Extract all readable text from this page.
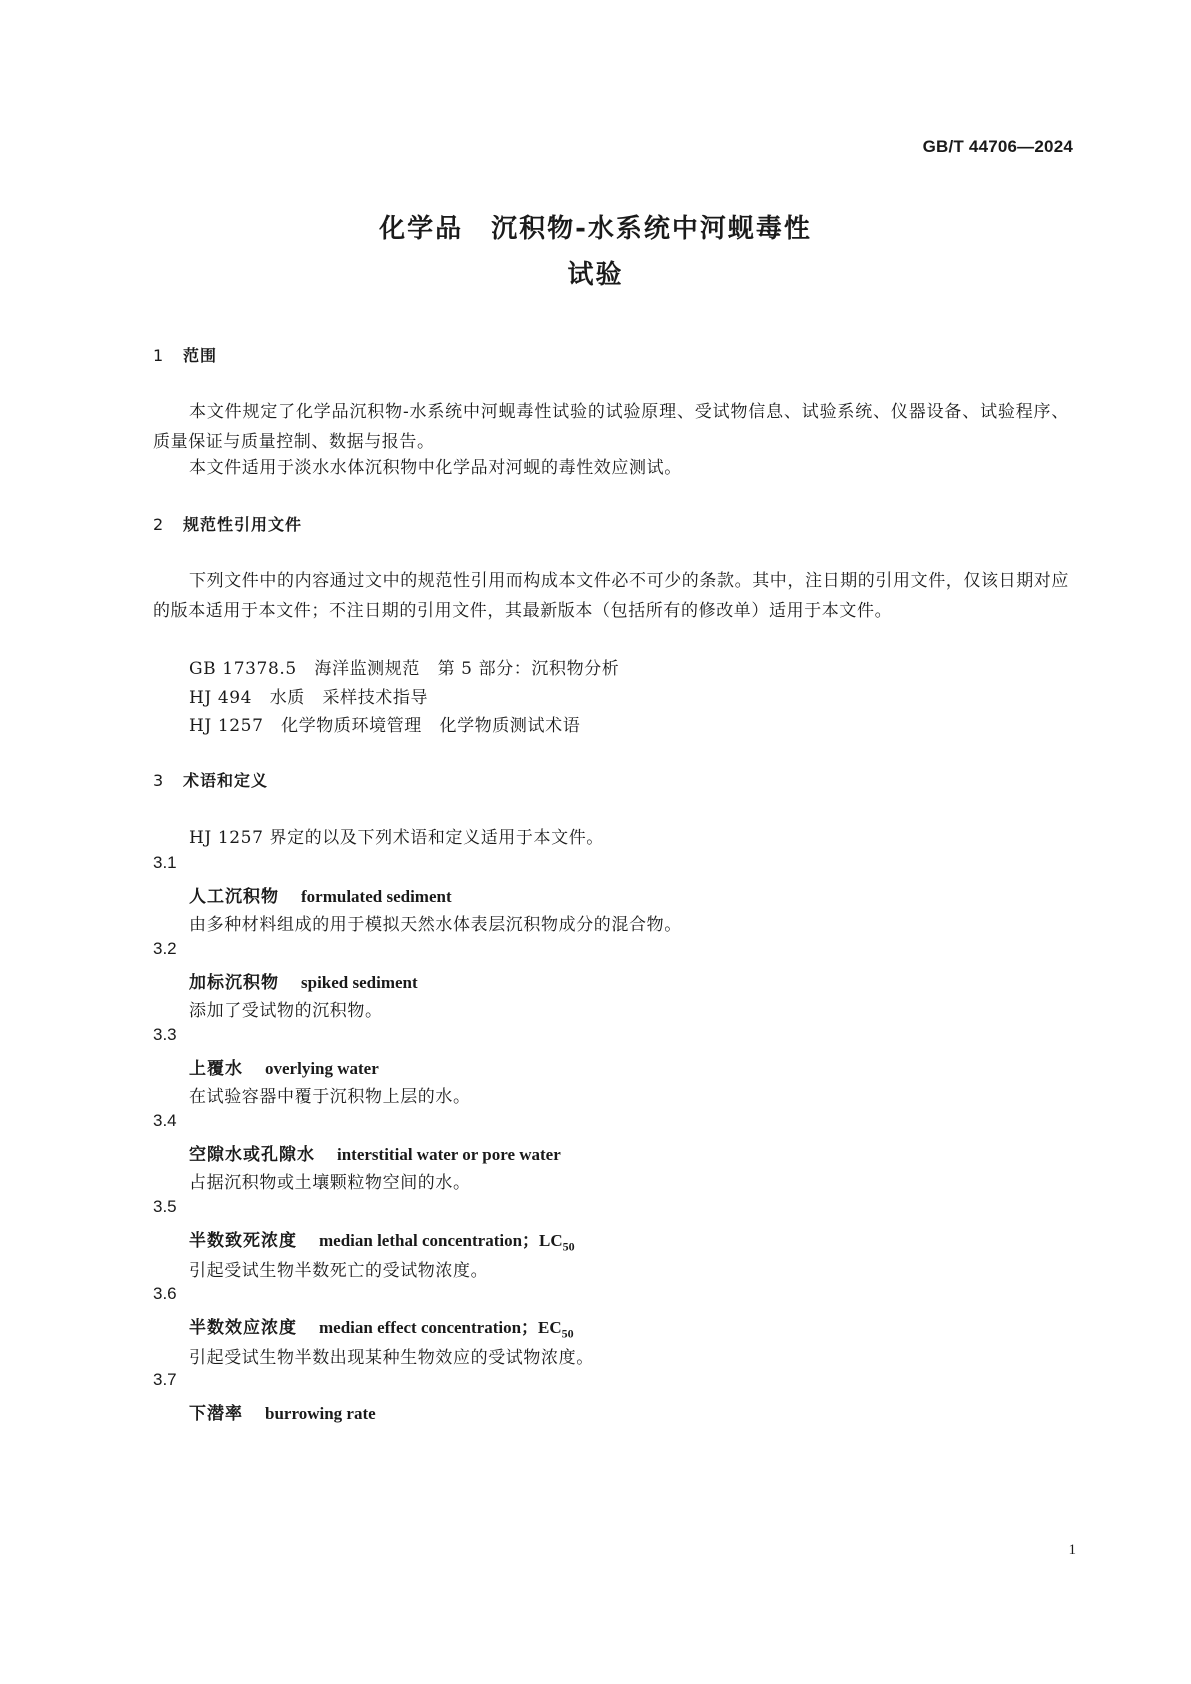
GB/T 44706—2024
化学品　沉积物-水系统中河蚬毒性
试验
1 范围
本文件规定了化学品沉积物-水系统中河蚬毒性试验的试验原理、受试物信息、试验系统、仪器设备、试验程序、质量保证与质量控制、数据与报告。
本文件适用于淡水水体沉积物中化学品对河蚬的毒性效应测试。
2 规范性引用文件
下列文件中的内容通过文中的规范性引用而构成本文件必不可少的条款。其中，注日期的引用文件，仅该日期对应的版本适用于本文件；不注日期的引用文件，其最新版本（包括所有的修改单）适用于本文件。
GB 17378.5　海洋监测规范　第 5 部分：沉积物分析
HJ 494　水质　采样技术指导
HJ 1257　化学物质环境管理　化学物质测试术语
3 术语和定义
HJ 1257 界定的以及下列术语和定义适用于本文件。
3.1
人工沉积物 formulated sediment
由多种材料组成的用于模拟天然水体表层沉积物成分的混合物。
3.2
加标沉积物 spiked sediment
添加了受试物的沉积物。
3.3
上覆水 overlying water
在试验容器中覆于沉积物上层的水。
3.4
空隙水或孔隙水 interstitial water or pore water
占据沉积物或土壤颗粒物空间的水。
3.5
半数致死浓度 median lethal concentration；$LC_{50}$
引起受试生物半数死亡的受试物浓度。
3.6
半数效应浓度 median effect concentration；$EC_{50}$
引起受试生物半数出现某种生物效应的受试物浓度。
3.7
下潜率 burrowing rate
1
